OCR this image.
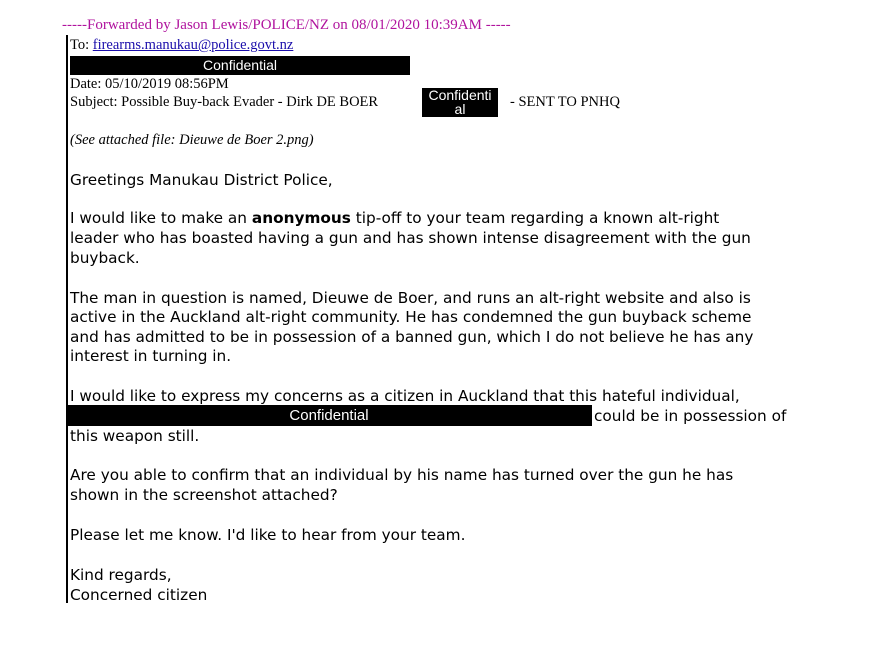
-----Forwarded by Jason Lewis/POLICE/NZ on 08/01/2020 10:39AM -----
To: firearms.manukau@police.govt.nz
Confidential
Date: 05/10/2019 08:56PM
Subject: Possible Buy-back Evader - Dirk DE BOER	Confidenti al	- SENT TO PNHQ
(See attached file: Dieuwe de Boer 2.png)
Greetings Manukau District Police,
I would like to make an anonymous tip-off to your team regarding a known alt-right
leader who has boasted having a gun and has shown intense disagreement with the gun
buyback.
The man in question is named, Dieuwe de Boer, and runs an alt-right website and also is
active in the Auckland alt-right community. He has condemned the gun buyback scheme
and has admitted to be in possession of a banned gun, which I do not believe he has any
interest in turning in.
I would like to express my concerns as a citizen in Auckland that this hateful individual,
Confidential	could be in possession of
this weapon still.
Are you able to confirm that an individual by his name has turned over the gun he has
shown in the screenshot attached?
Please let me know. I'd like to hear from your team.
Kind regards,
Concerned citizen
